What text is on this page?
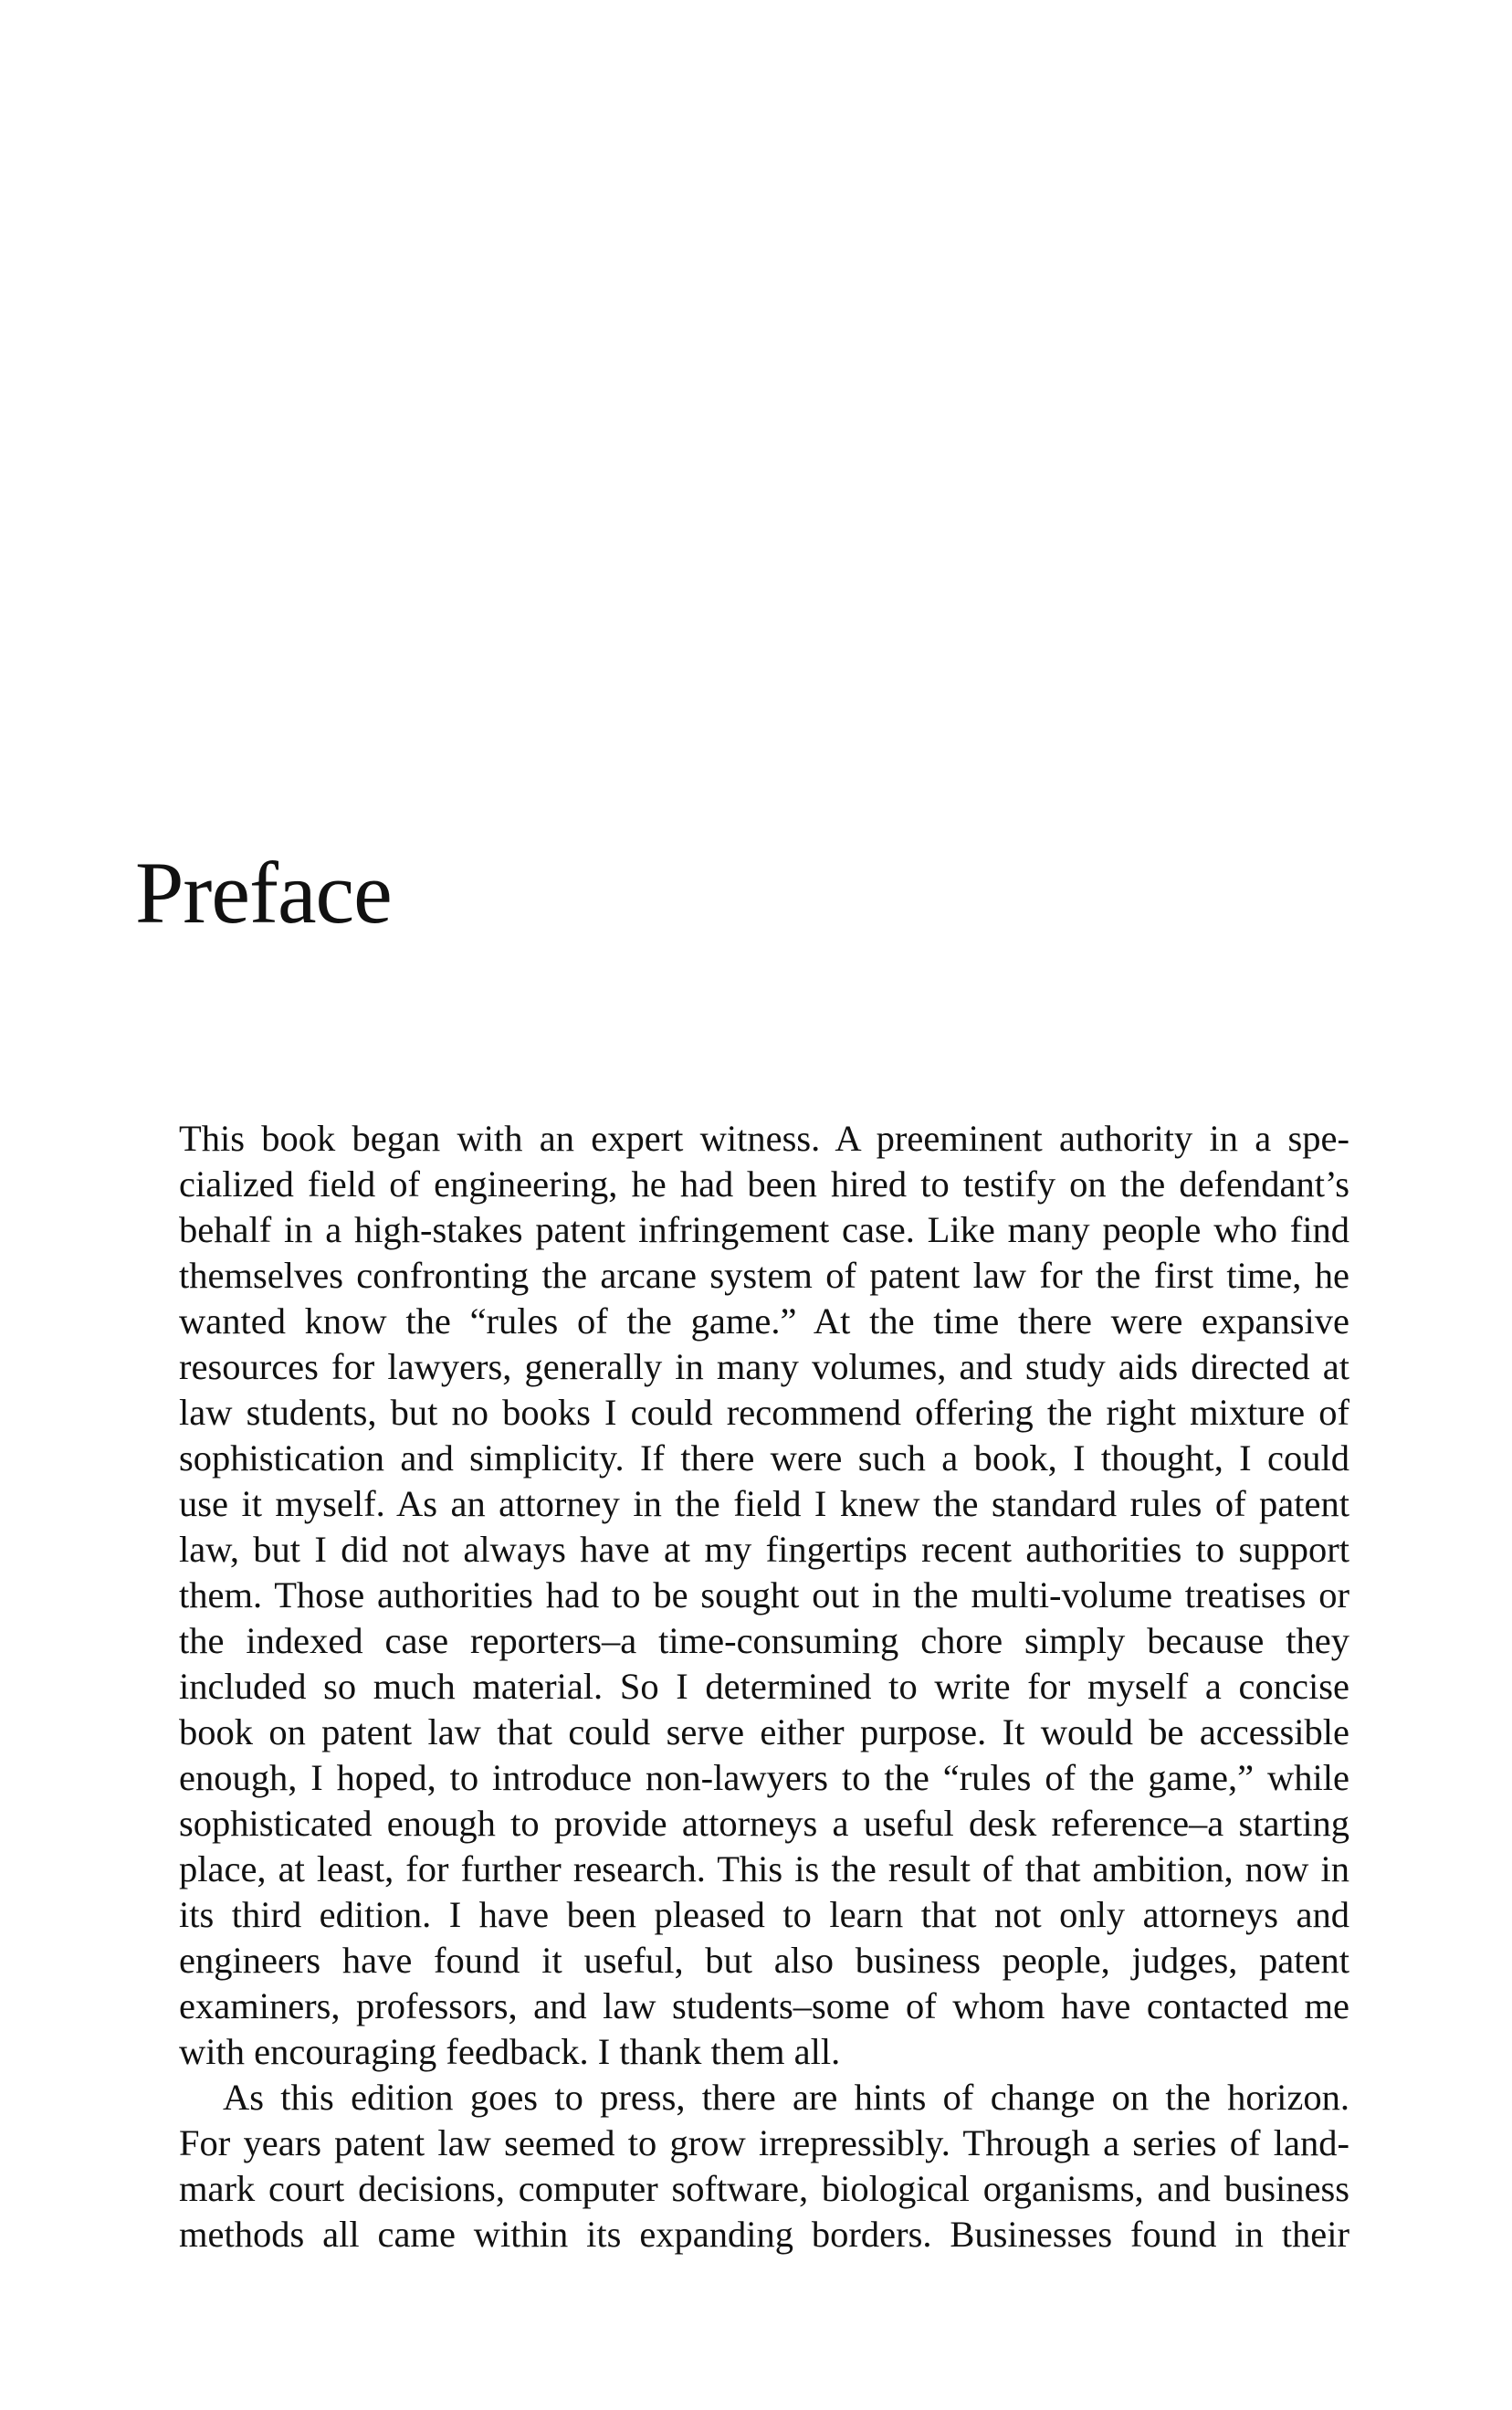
Preface
This book began with an expert witness. A preeminent authority in a spe-
cialized field of engineering, he had been hired to testify on the defendant’s
behalf in a high-stakes patent infringement case. Like many people who find
themselves confronting the arcane system of patent law for the first time, he
wanted know the “rules of the game.” At the time there were expansive
resources for lawyers, generally in many volumes, and study aids directed at
law students, but no books I could recommend offering the right mixture of
sophistication and simplicity. If there were such a book, I thought, I could
use it myself. As an attorney in the field I knew the standard rules of patent
law, but I did not always have at my fingertips recent authorities to support
them. Those authorities had to be sought out in the multi-volume treatises or
the indexed case reporters–a time-consuming chore simply because they
included so much material. So I determined to write for myself a concise
book on patent law that could serve either purpose. It would be accessible
enough, I hoped, to introduce non-lawyers to the “rules of the game,” while
sophisticated enough to provide attorneys a useful desk reference–a starting
place, at least, for further research. This is the result of that ambition, now in
its third edition. I have been pleased to learn that not only attorneys and
engineers have found it useful, but also business people, judges, patent
examiners, professors, and law students–some of whom have contacted me
with encouraging feedback. I thank them all.
As this edition goes to press, there are hints of change on the horizon.
For years patent law seemed to grow irrepressibly. Through a series of land-
mark court decisions, computer software, biological organisms, and business
methods all came within its expanding borders. Businesses found in their
